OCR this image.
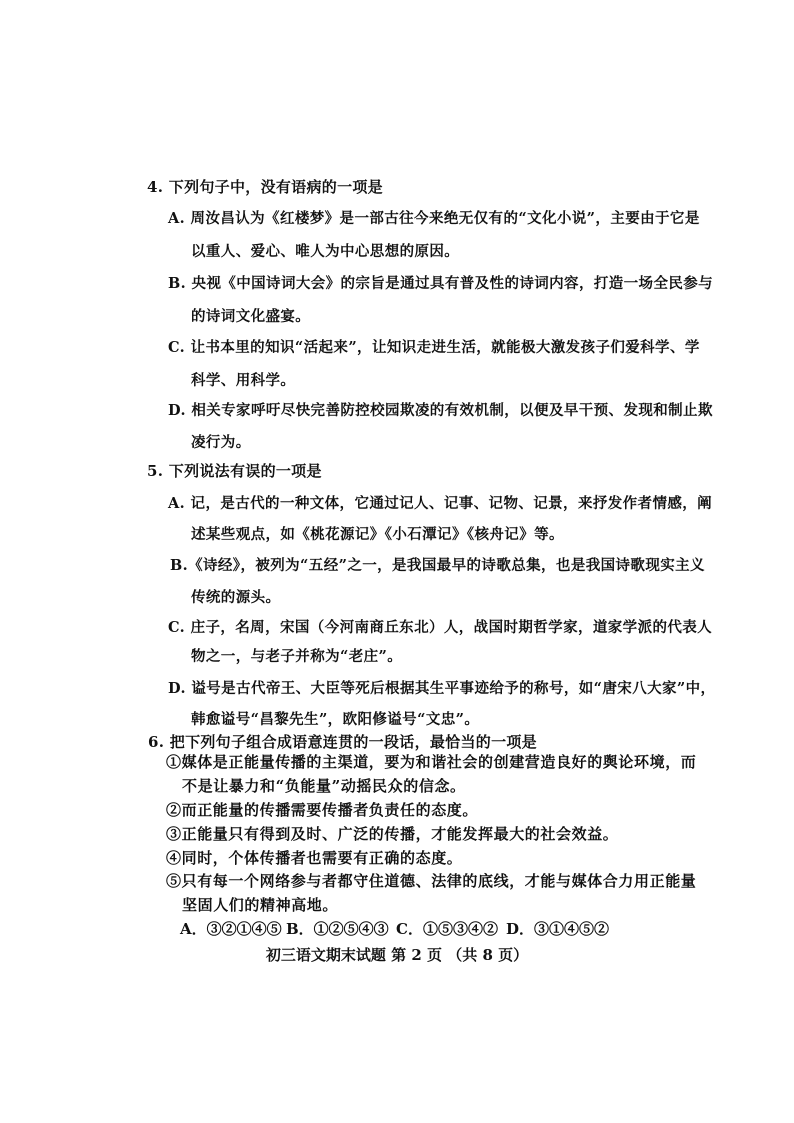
4. 下列句子中，没有语病的一项是
A. 周汝昌认为《红楼梦》是一部古往今来绝无仅有的“文化小说”，主要由于它是
以重人、爱心、唯人为中心思想的原因。
B. 央视《中国诗词大会》的宗旨是通过具有普及性的诗词内容，打造一场全民参与
的诗词文化盛宴。
C. 让书本里的知识“活起来”，让知识走进生活，就能极大激发孩子们爱科学、学
科学、用科学。
D. 相关专家呼吁尽快完善防控校园欺凌的有效机制，以便及早干预、发现和制止欺
凌行为。
5. 下列说法有误的一项是
A. 记，是古代的一种文体，它通过记人、记事、记物、记景，来抒发作者情感，阐
述某些观点，如《桃花源记》《小石潭记》《核舟记》等。
B.《诗经》，被列为“五经”之一，是我国最早的诗歌总集，也是我国诗歌现实主义
传统的源头。
C. 庄子，名周，宋国（今河南商丘东北）人，战国时期哲学家，道家学派的代表人
物之一，与老子并称为“老庄”。
D. 谥号是古代帝王、大臣等死后根据其生平事迹给予的称号，如“唐宋八大家”中，
韩愈谥号“昌黎先生”，欧阳修谥号“文忠”。
6. 把下列句子组合成语意连贯的一段话，最恰当的一项是
①媒体是正能量传播的主渠道，要为和谐社会的创建营造良好的舆论环境，而
不是让暴力和“负能量”动摇民众的信念。
②而正能量的传播需要传播者负责任的态度。
③正能量只有得到及时、广泛的传播，才能发挥最大的社会效益。
④同时，个体传播者也需要有正确的态度。
⑤只有每一个网络参与者都守住道德、法律的底线，才能与媒体合力用正能量
坚固人们的精神高地。
A．③②①④⑤ B．①②⑤④③ C．①⑤③④② D．③①④⑤②
初三语文期末试题 第 2 页 （共 8 页）
